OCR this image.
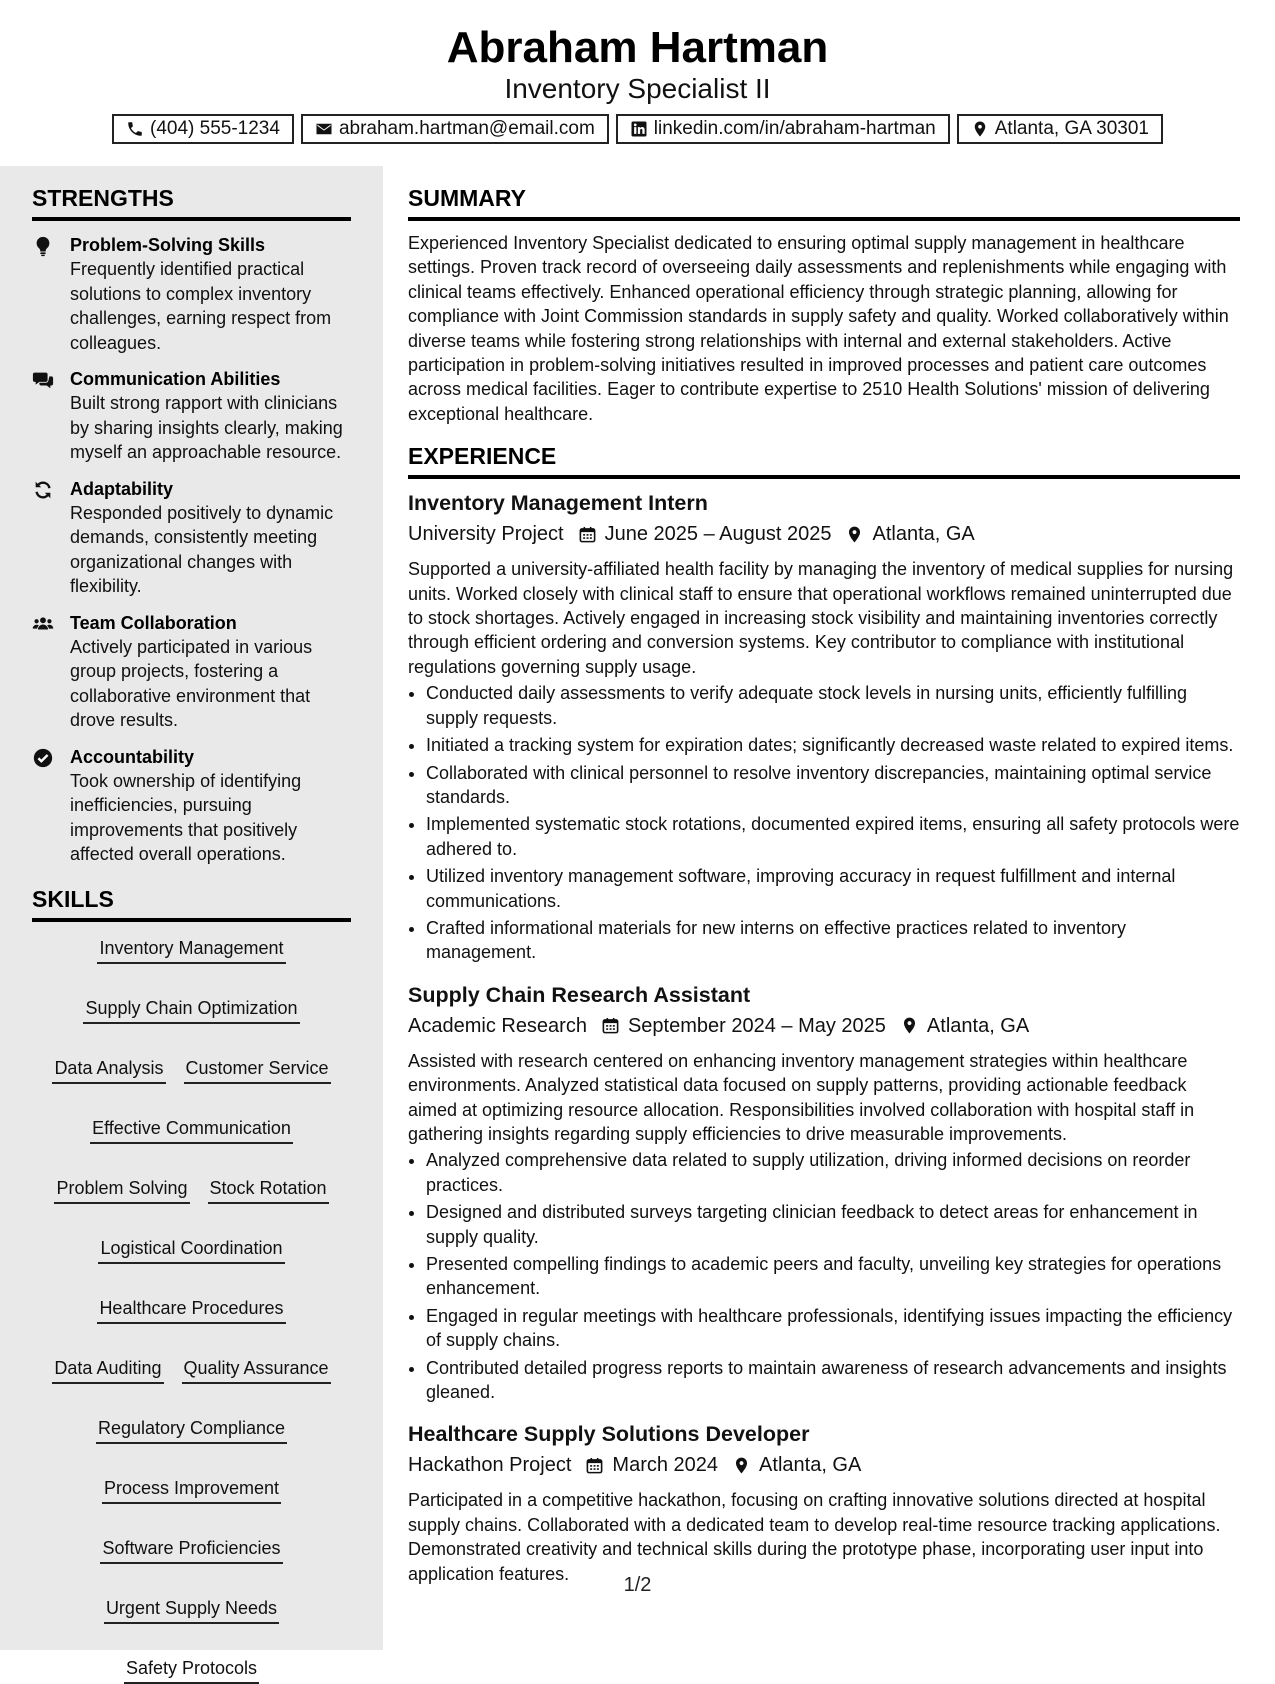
Abraham Hartman
Inventory Specialist II
(404) 555-1234	abraham.hartman@email.com	linkedin.com/in/abraham-hartman	Atlanta, GA 30301
STRENGTHS
Problem-Solving Skills
Frequently identified practical solutions to complex inventory challenges, earning respect from colleagues.
Communication Abilities
Built strong rapport with clinicians by sharing insights clearly, making myself an approachable resource.
Adaptability
Responded positively to dynamic demands, consistently meeting organizational changes with flexibility.
Team Collaboration
Actively participated in various group projects, fostering a collaborative environment that drove results.
Accountability
Took ownership of identifying inefficiencies, pursuing improvements that positively affected overall operations.
SKILLS
Inventory Management
Supply Chain Optimization
Data Analysis Customer Service
Effective Communication
Problem Solving Stock Rotation
Logistical Coordination
Healthcare Procedures
Data Auditing Quality Assurance
Regulatory Compliance
Process Improvement
Software Proficiencies
Urgent Supply Needs
Safety Protocols
SUMMARY
Experienced Inventory Specialist dedicated to ensuring optimal supply management in healthcare settings. Proven track record of overseeing daily assessments and replenishments while engaging with clinical teams effectively. Enhanced operational efficiency through strategic planning, allowing for compliance with Joint Commission standards in supply safety and quality. Worked collaboratively within diverse teams while fostering strong relationships with internal and external stakeholders. Active participation in problem-solving initiatives resulted in improved processes and patient care outcomes across medical facilities. Eager to contribute expertise to 2510 Health Solutions' mission of delivering exceptional healthcare.
EXPERIENCE
Inventory Management Intern
University Project June 2025 – August 2025 Atlanta, GA
Supported a university-affiliated health facility by managing the inventory of medical supplies for nursing units. Worked closely with clinical staff to ensure that operational workflows remained uninterrupted due to stock shortages. Actively engaged in increasing stock visibility and maintaining inventories correctly through efficient ordering and conversion systems. Key contributor to compliance with institutional regulations governing supply usage.
• Conducted daily assessments to verify adequate stock levels in nursing units, efficiently fulfilling supply requests.
• Initiated a tracking system for expiration dates; significantly decreased waste related to expired items.
• Collaborated with clinical personnel to resolve inventory discrepancies, maintaining optimal service standards.
• Implemented systematic stock rotations, documented expired items, ensuring all safety protocols were adhered to.
• Utilized inventory management software, improving accuracy in request fulfillment and internal communications.
• Crafted informational materials for new interns on effective practices related to inventory management.
Supply Chain Research Assistant
Academic Research September 2024 – May 2025 Atlanta, GA
Assisted with research centered on enhancing inventory management strategies within healthcare environments. Analyzed statistical data focused on supply patterns, providing actionable feedback aimed at optimizing resource allocation. Responsibilities involved collaboration with hospital staff in gathering insights regarding supply efficiencies to drive measurable improvements.
• Analyzed comprehensive data related to supply utilization, driving informed decisions on reorder practices.
• Designed and distributed surveys targeting clinician feedback to detect areas for enhancement in supply quality.
• Presented compelling findings to academic peers and faculty, unveiling key strategies for operations enhancement.
• Engaged in regular meetings with healthcare professionals, identifying issues impacting the efficiency of supply chains.
• Contributed detailed progress reports to maintain awareness of research advancements and insights gleaned.
Healthcare Supply Solutions Developer
Hackathon Project March 2024 Atlanta, GA
Participated in a competitive hackathon, focusing on crafting innovative solutions directed at hospital supply chains. Collaborated with a dedicated team to develop real-time resource tracking applications. Demonstrated creativity and technical skills during the prototype phase, incorporating user input into application features.
1/2
